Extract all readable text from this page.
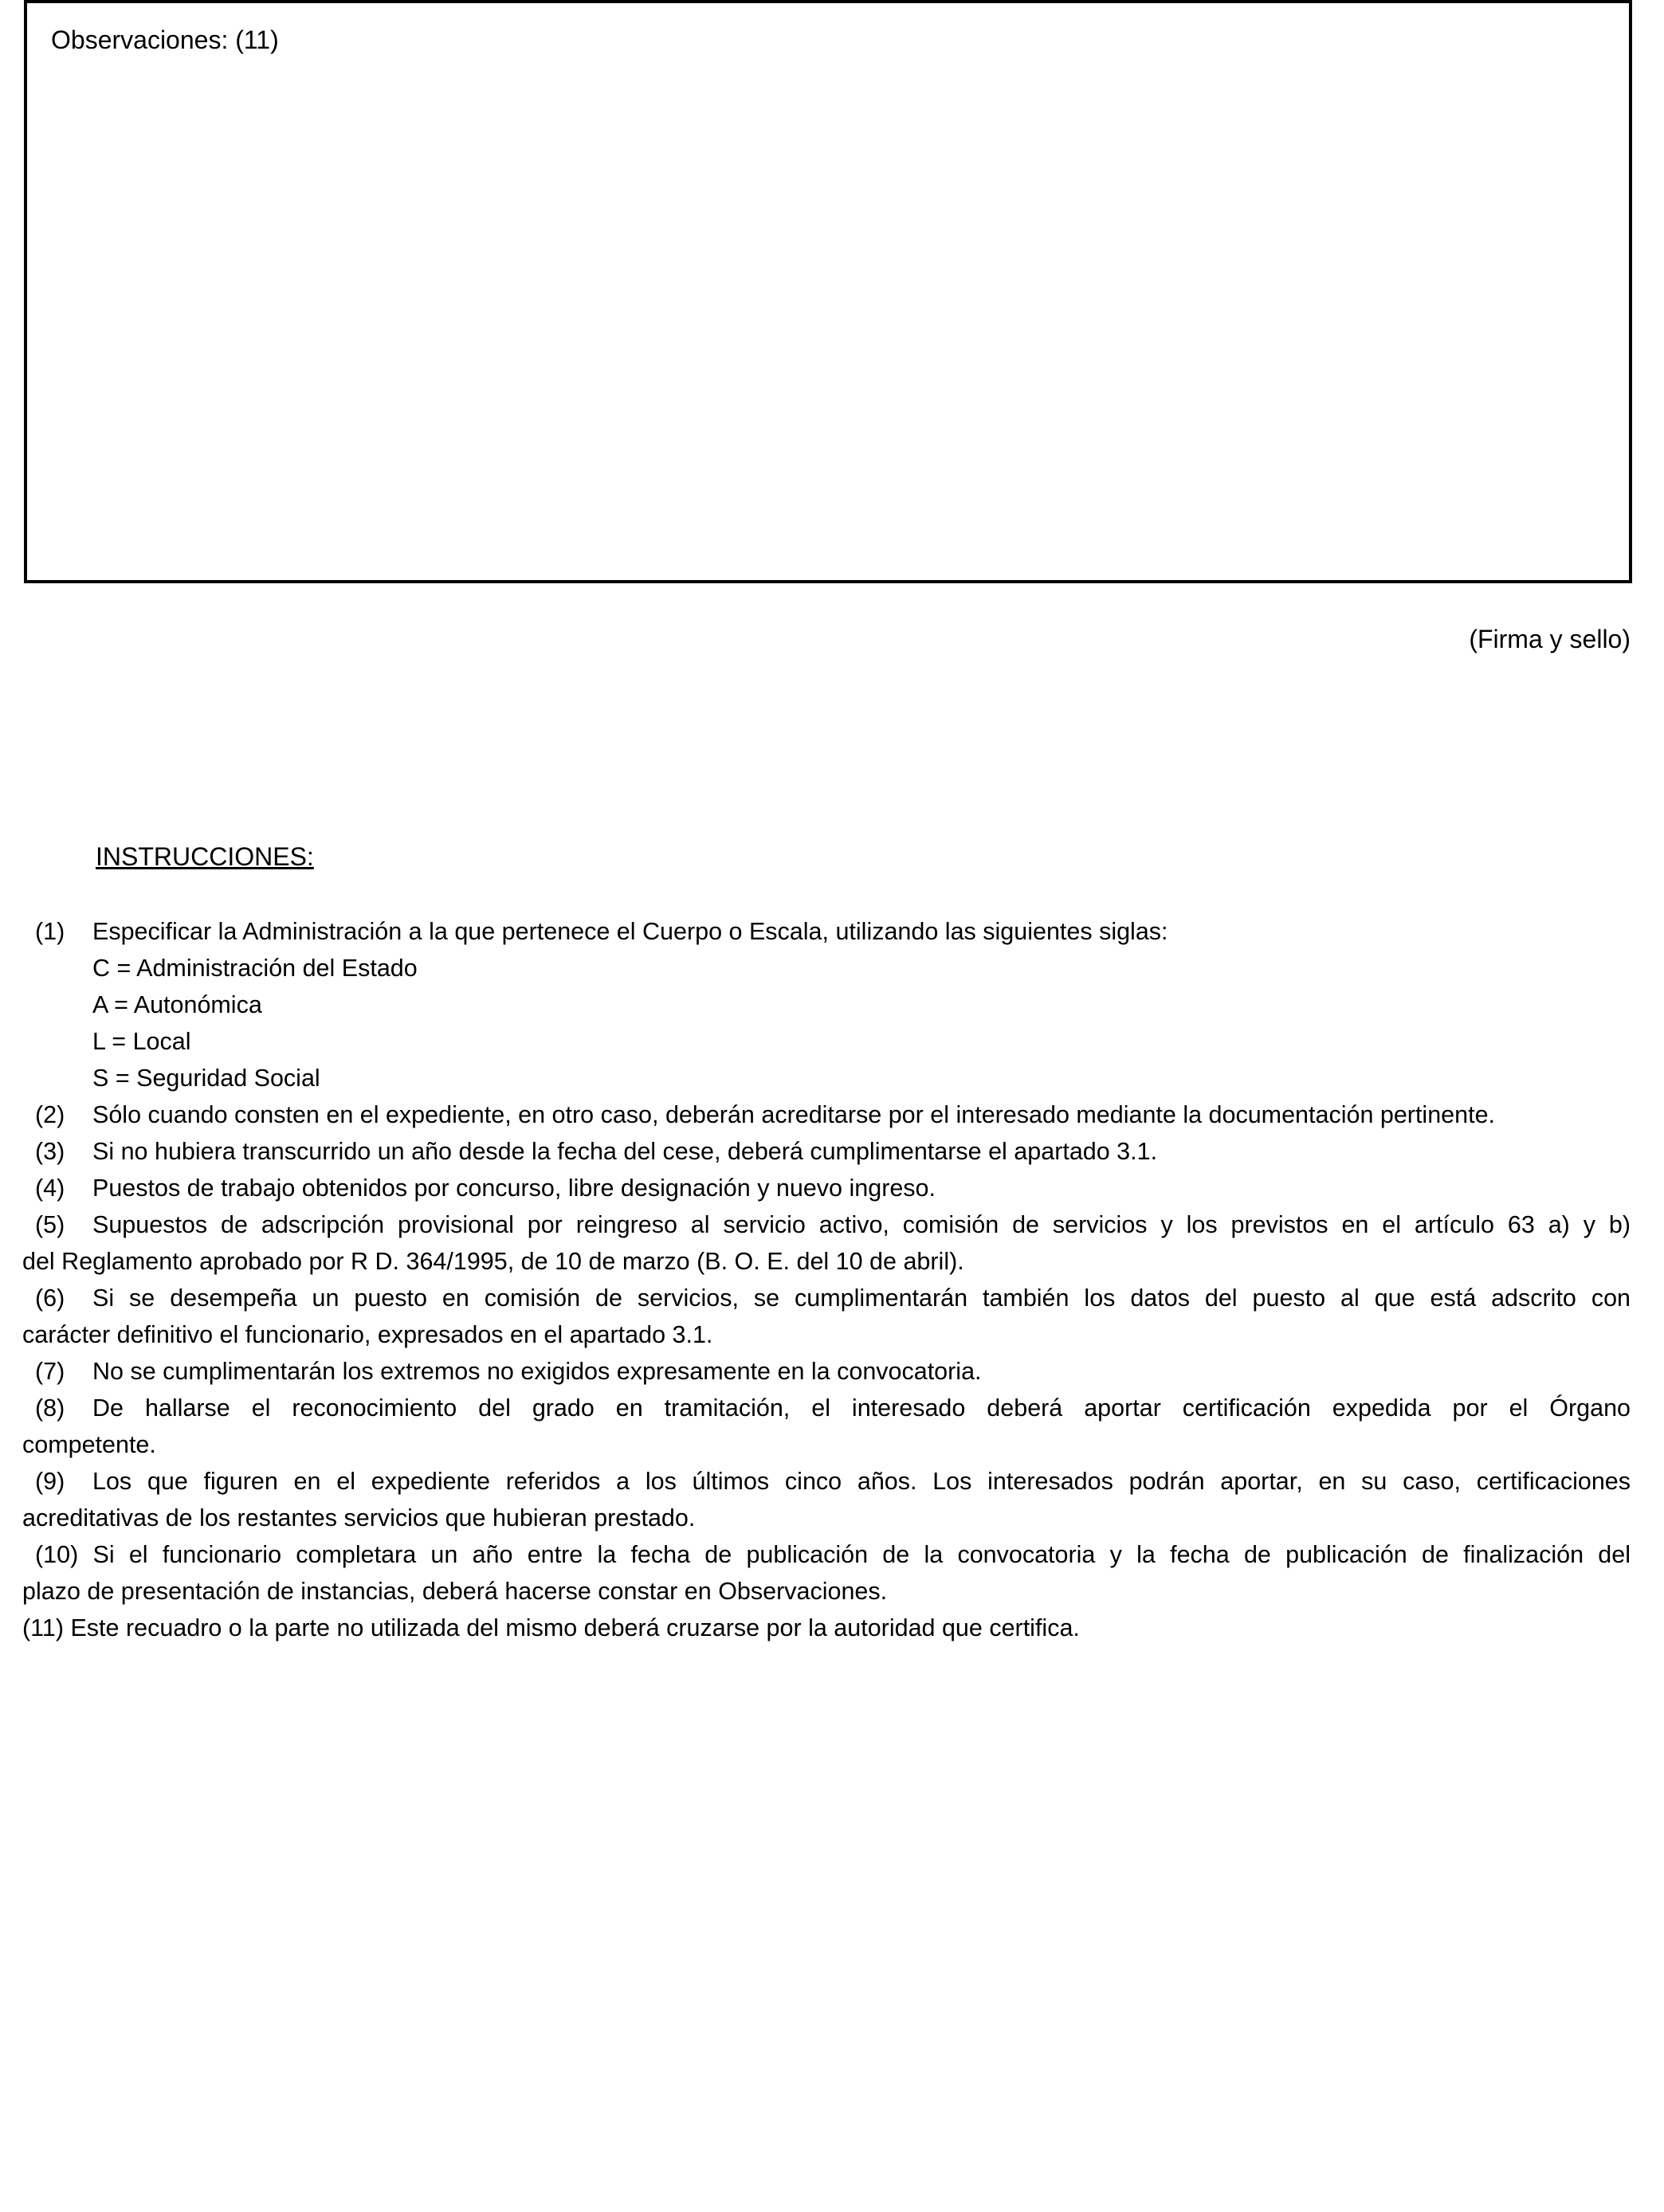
Observaciones: (11)
(Firma y sello)
INSTRUCCIONES:
(1) Especificar la Administración a la que pertenece el Cuerpo o Escala, utilizando las siguientes siglas:
C = Administración del Estado
A = Autonómica
L = Local
S = Seguridad Social
(2) Sólo cuando consten en el expediente, en otro caso, deberán acreditarse por el interesado mediante la documentación pertinente.
(3) Si no hubiera transcurrido un año desde la fecha del cese, deberá cumplimentarse el apartado 3.1.
(4) Puestos de trabajo obtenidos por concurso, libre designación y nuevo ingreso.
(5) Supuestos de adscripción provisional por reingreso al servicio activo, comisión de servicios y los previstos en el artículo 63 a) y b)
del Reglamento aprobado por R D. 364/1995, de 10 de marzo (B. O. E. del 10 de abril).
(6) Si se desempeña un puesto en comisión de servicios, se cumplimentarán también los datos del puesto al que está adscrito con
carácter definitivo el funcionario, expresados en el apartado 3.1.
(7) No se cumplimentarán los extremos no exigidos expresamente en la convocatoria.
(8) De hallarse el reconocimiento del grado en tramitación, el interesado deberá aportar certificación expedida por el Órgano
competente.
(9) Los que figuren en el expediente referidos a los últimos cinco años. Los interesados podrán aportar, en su caso, certificaciones
acreditativas de los restantes servicios que hubieran prestado.
(10) Si el funcionario completara un año entre la fecha de publicación de la convocatoria y la fecha de publicación de finalización del
plazo de presentación de instancias, deberá hacerse constar en Observaciones.
(11) Este recuadro o la parte no utilizada del mismo deberá cruzarse por la autoridad que certifica.
